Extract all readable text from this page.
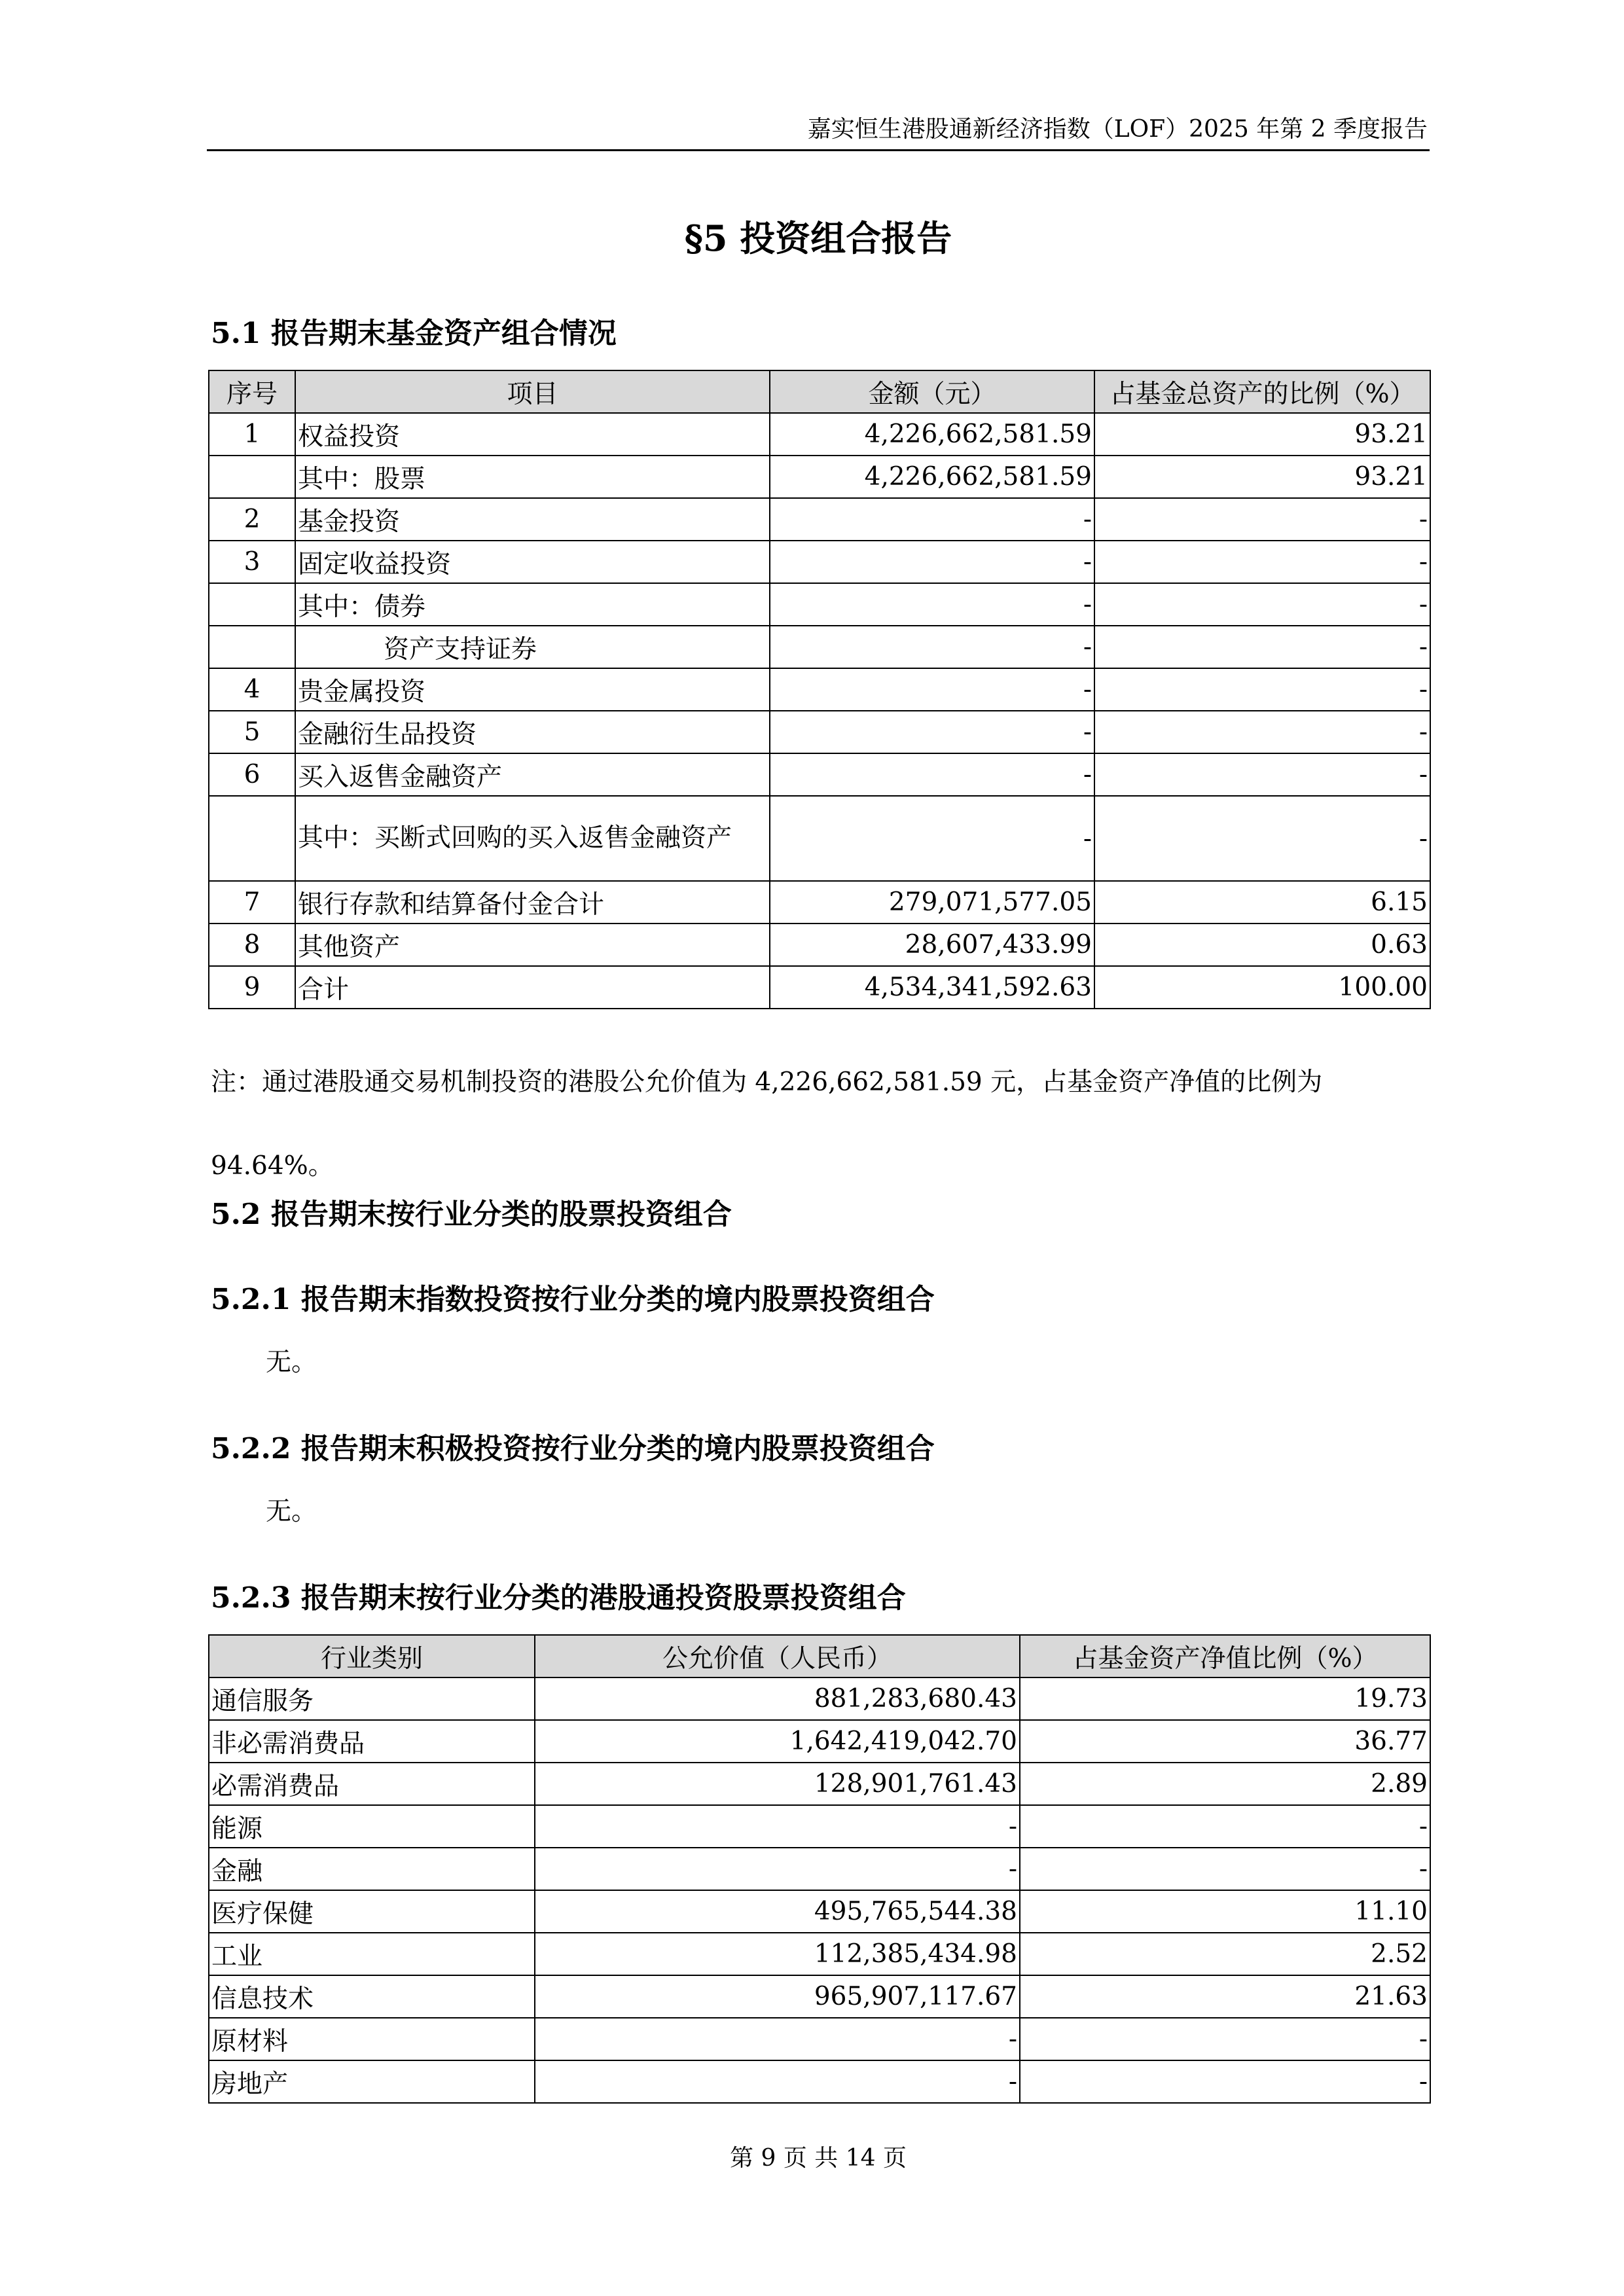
嘉实恒生港股通新经济指数（LOF）2025 年第 2 季度报告
§5 投资组合报告
5.1 报告期末基金资产组合情况
序号	项目	金额（元）	占基金总资产的比例（%）
1	权益投资	4,226,662,581.59	93.21
	其中：股票	4,226,662,581.59	93.21
2	基金投资	-	-
3	固定收益投资	-	-
	其中：债券	-	-
	资产支持证券	-	-
4	贵金属投资	-	-
5	金融衍生品投资	-	-
6	买入返售金融资产	-	-
	其中：买断式回购的买入返售金融资产	-	-
7	银行存款和结算备付金合计	279,071,577.05	6.15
8	其他资产	28,607,433.99	0.63
9	合计	4,534,341,592.63	100.00
注：通过港股通交易机制投资的港股公允价值为 4,226,662,581.59 元，占基金资产净值的比例为 94.64%。
5.2 报告期末按行业分类的股票投资组合
5.2.1 报告期末指数投资按行业分类的境内股票投资组合
无。
5.2.2 报告期末积极投资按行业分类的境内股票投资组合
无。
5.2.3 报告期末按行业分类的港股通投资股票投资组合
行业类别	公允价值（人民币）	占基金资产净值比例（%）
通信服务	881,283,680.43	19.73
非必需消费品	1,642,419,042.70	36.77
必需消费品	128,901,761.43	2.89
能源	-	-
金融	-	-
医疗保健	495,765,544.38	11.10
工业	112,385,434.98	2.52
信息技术	965,907,117.67	21.63
原材料	-	-
房地产	-	-
第 9 页 共 14 页
